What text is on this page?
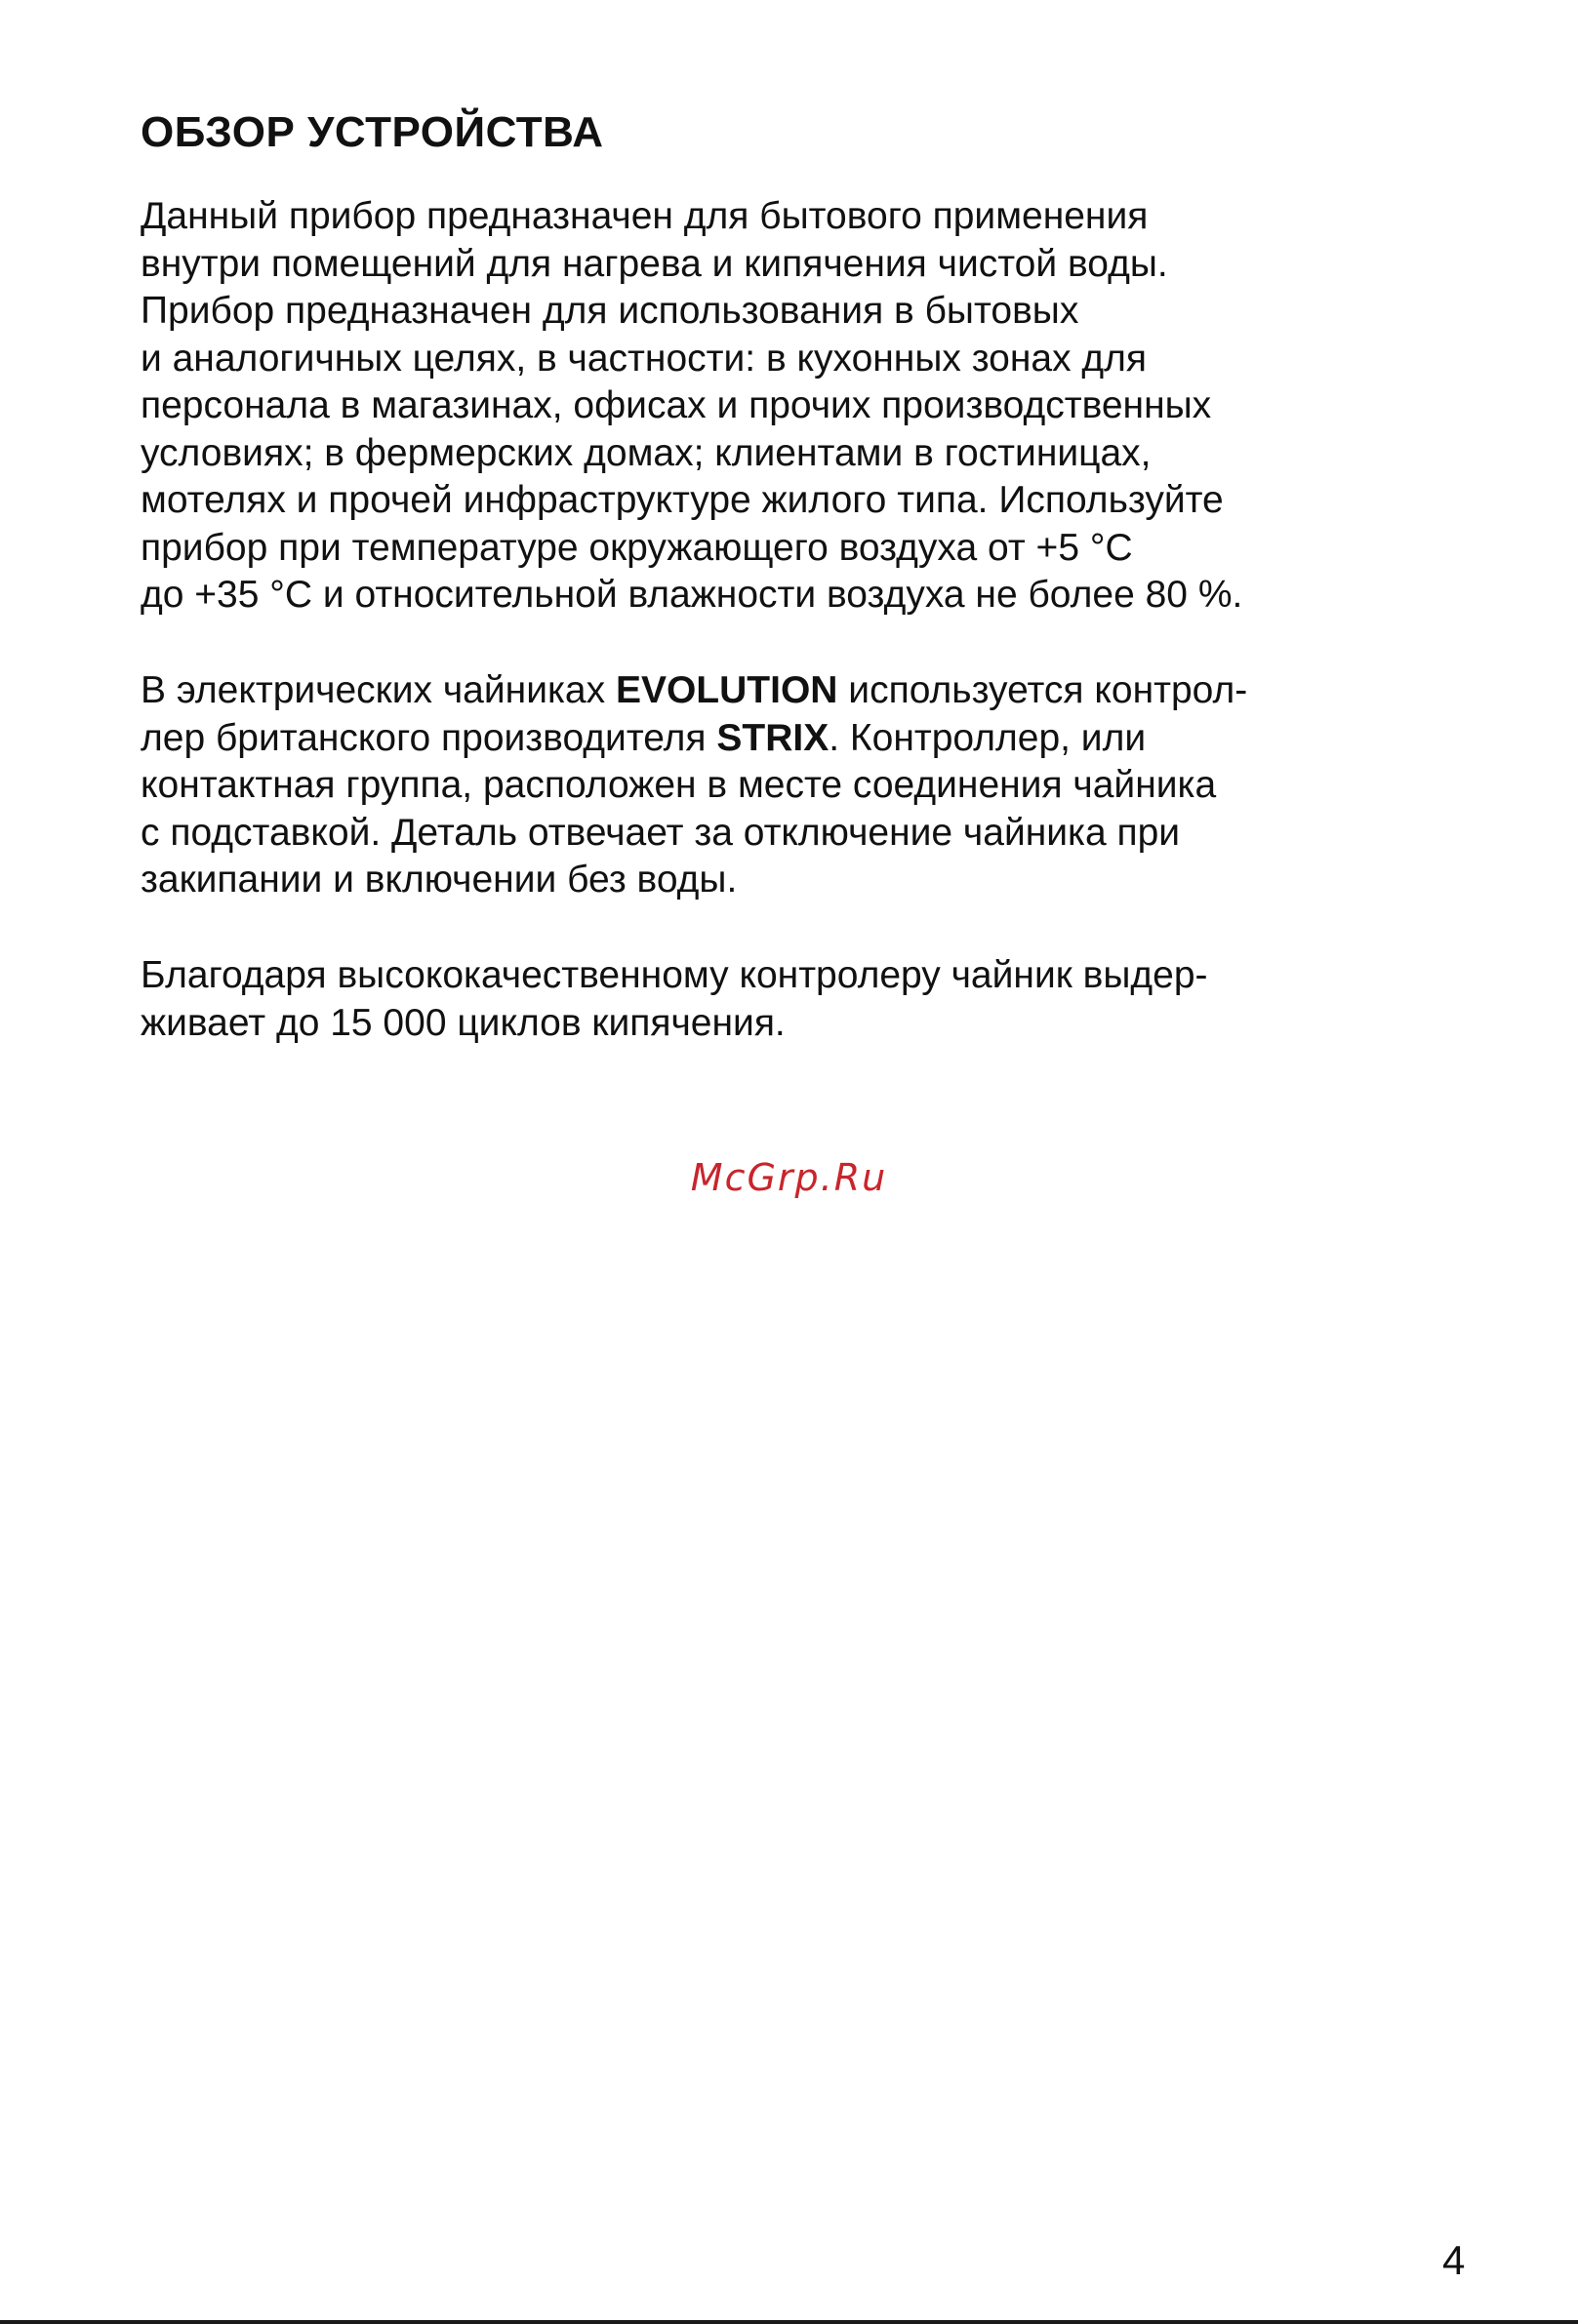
ОБЗОР УСТРОЙСТВА

Данный прибор предназначен для бытового применения
внутри помещений для нагрева и кипячения чистой воды.
Прибор предназначен для использования в бытовых
и аналогичных целях, в частности: в кухонных зонах для
персонала в магазинах, офисах и прочих производственных
условиях; в фермерских домах; клиентами в гостиницах,
мотелях и прочей инфраструктуре жилого типа. Используйте
прибор при температуре окружающего воздуха от +5 °C
до +35 °C и относительной влажности воздуха не более 80 %.

В электрических чайниках EVOLUTION используется контрол-
лер британского производителя STRIX. Контроллер, или
контактная группа, расположен в месте соединения чайника
с подставкой. Деталь отвечает за отключение чайника при
закипании и включении без воды.

Благодаря высококачественному контролеру чайник выдер-
живает до 15 000 циклов кипячения.

McGrp.Ru
4
